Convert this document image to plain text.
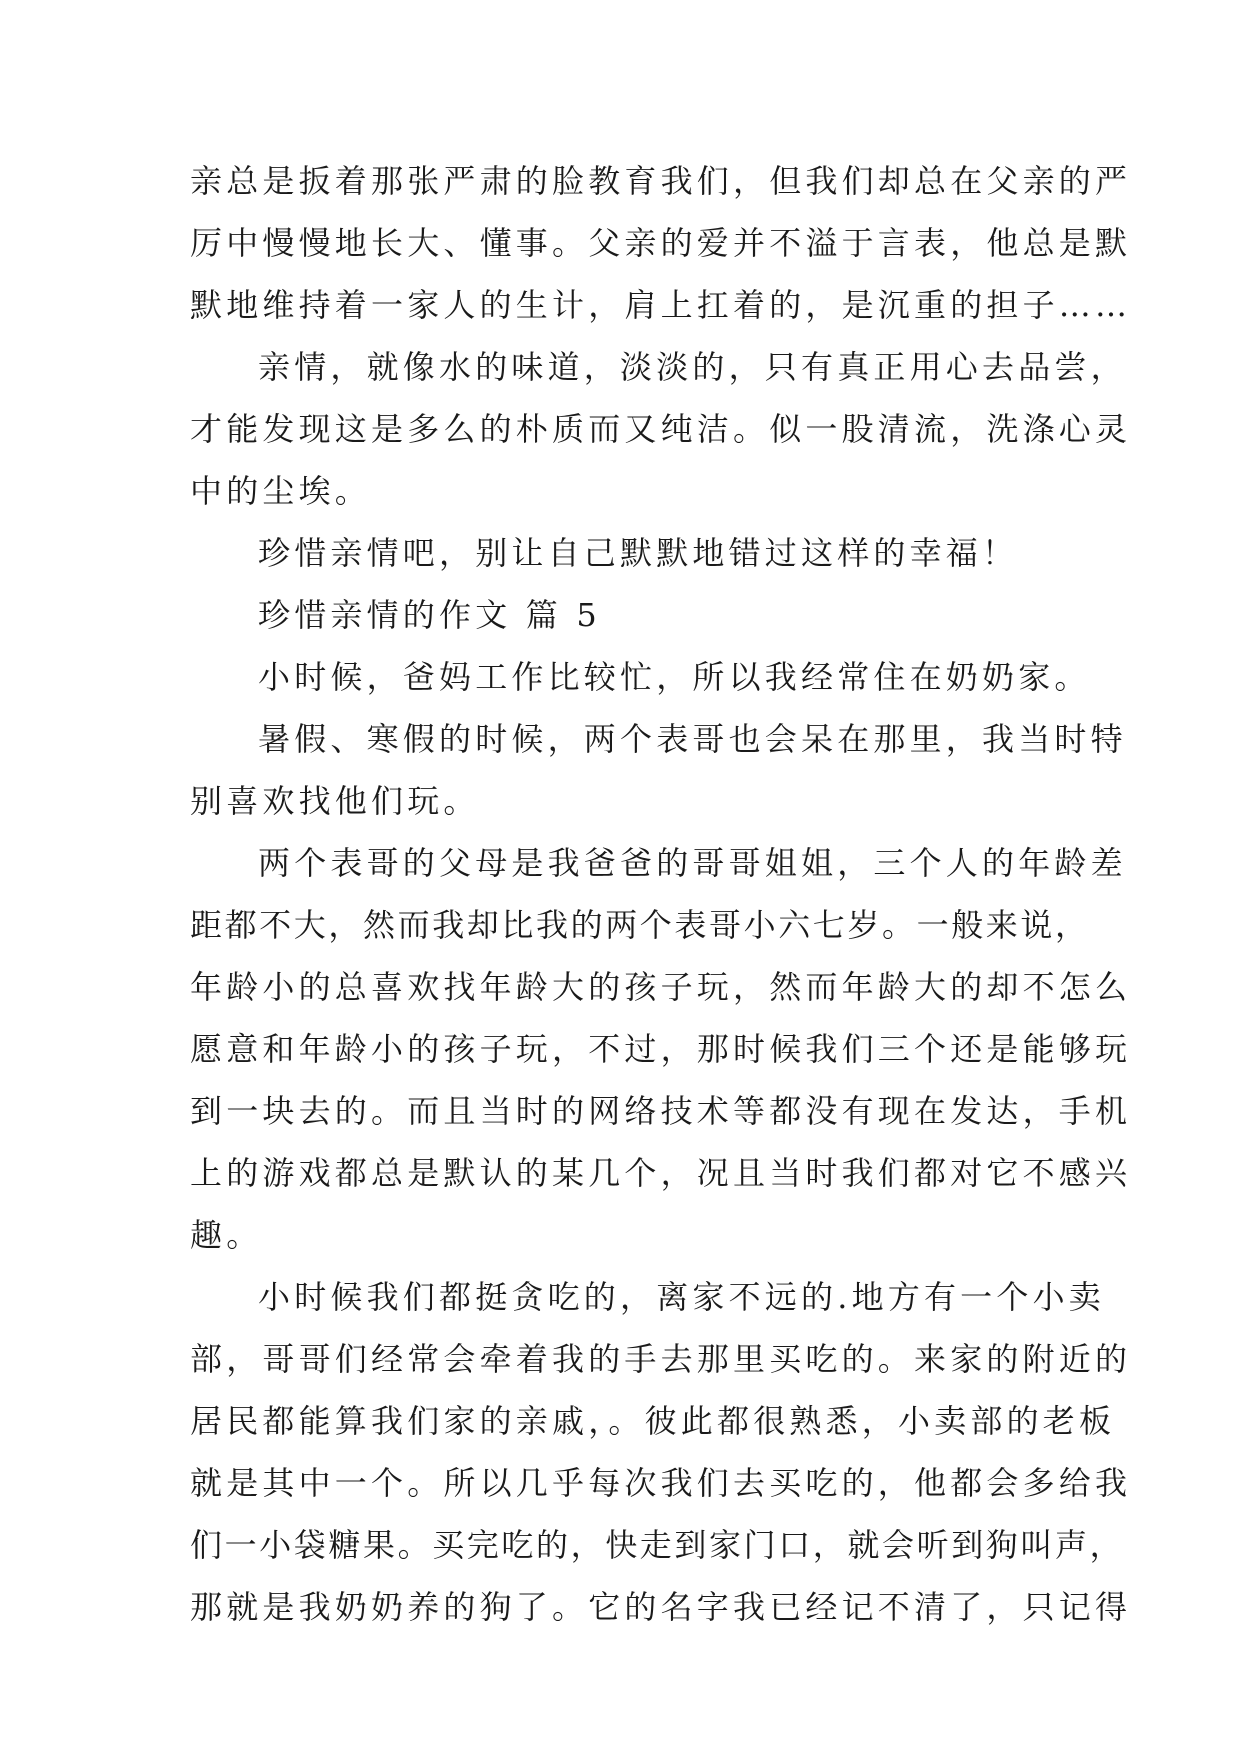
亲总是扳着那张严肃的脸教育我们，但我们却总在父亲的严
厉中慢慢地长大、懂事。父亲的爱并不溢于言表，他总是默
默地维持着一家人的生计，肩上扛着的，是沉重的担子……
亲情，就像水的味道，淡淡的，只有真正用心去品尝，
才能发现这是多么的朴质而又纯洁。似一股清流，洗涤心灵
中的尘埃。
珍惜亲情吧，别让自己默默地错过这样的幸福！
珍惜亲情的作文 篇 5
小时候，爸妈工作比较忙，所以我经常住在奶奶家。
暑假、寒假的时候，两个表哥也会呆在那里，我当时特
别喜欢找他们玩。
两个表哥的父母是我爸爸的哥哥姐姐，三个人的年龄差
距都不大，然而我却比我的两个表哥小六七岁。一般来说，
年龄小的总喜欢找年龄大的孩子玩，然而年龄大的却不怎么
愿意和年龄小的孩子玩，不过，那时候我们三个还是能够玩
到一块去的。而且当时的网络技术等都没有现在发达，手机
上的游戏都总是默认的某几个，况且当时我们都对它不感兴
趣。
小时候我们都挺贪吃的，离家不远的.地方有一个小卖
部，哥哥们经常会牵着我的手去那里买吃的。来家的附近的
居民都能算我们家的亲戚，。彼此都很熟悉，小卖部的老板
就是其中一个。所以几乎每次我们去买吃的，他都会多给我
们一小袋糖果。买完吃的，快走到家门口，就会听到狗叫声，
那就是我奶奶养的狗了。它的名字我已经记不清了，只记得
